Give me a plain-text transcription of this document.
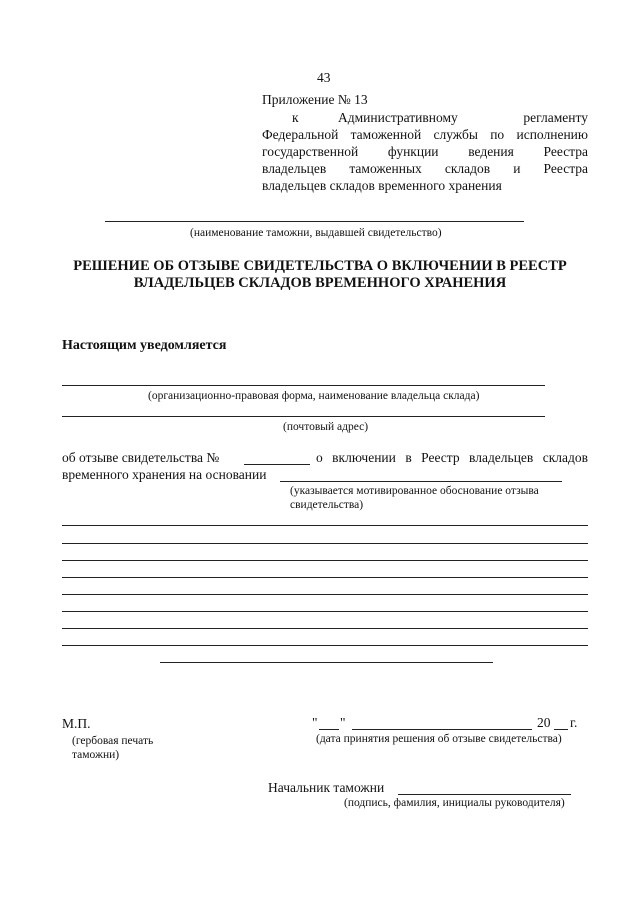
43
Приложение № 13
к	Административному регламенту
Федеральной таможенной службы по исполнению
государственной функции ведения Реестра
владельцев таможенных складов и Реестра
владельцев складов временного хранения
(наименование таможни, выдавшей свидетельство)
РЕШЕНИЕ ОБ ОТЗЫВЕ СВИДЕТЕЛЬСТВА О ВКЛЮЧЕНИИ В РЕЕСТР
ВЛАДЕЛЬЦЕВ СКЛАДОВ ВРЕМЕННОГО ХРАНЕНИЯ
Настоящим уведомляется
(организационно-правовая форма, наименование владельца склада)
(почтовый адрес)
об отзыве свидетельства №	о включении в Реестр владельцев складов
временного хранения на основании
(указывается мотивированное обоснование отзыва
свидетельства)
М.П.
(гербовая печать
таможни)
" "	20 г.
(дата принятия решения об отзыве свидетельства)
Начальник таможни
(подпись, фамилия, инициалы руководителя)
